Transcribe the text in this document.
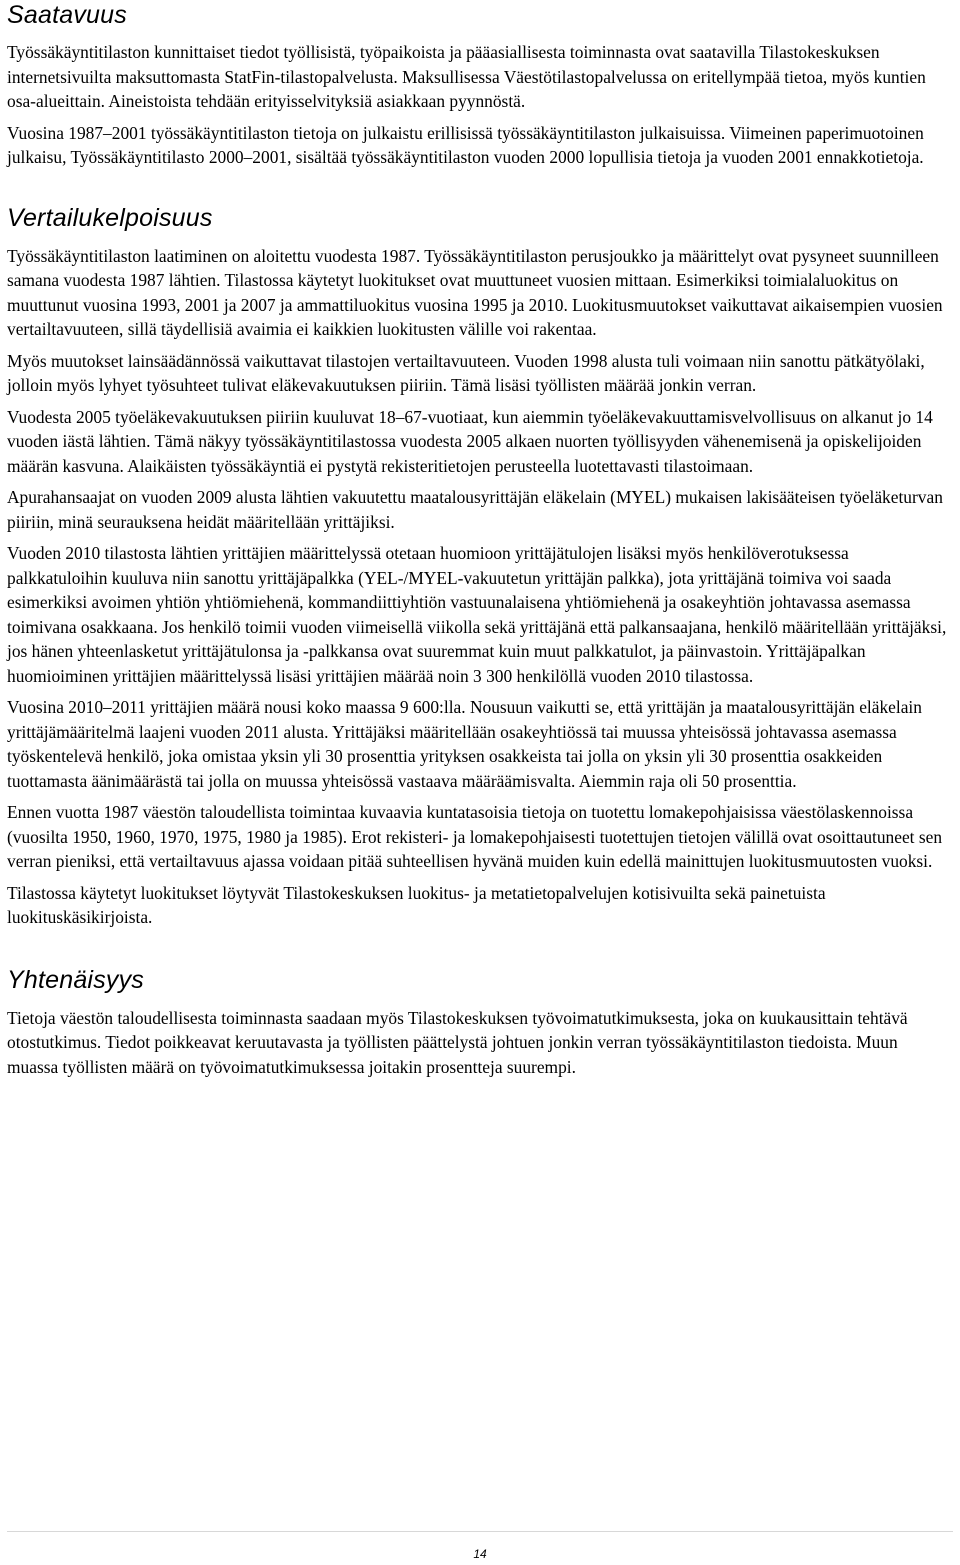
Saatavuus

Työssäkäyntitilaston kunnittaiset tiedot työllisistä, työpaikoista ja pääasiallisesta toiminnasta ovat saatavilla Tilastokeskuksen internetsivuilta maksuttomasta StatFin-tilastopalvelusta. Maksullisessa Väestötilastopalvelussa on eritellympää tietoa, myös kuntien osa-alueittain. Aineistoista tehdään erityisselvityksiä asiakkaan pyynnöstä.

Vuosina 1987–2001 työssäkäyntitilaston tietoja on julkaistu erillisissä työssäkäyntitilaston julkaisuissa. Viimeinen paperimuotoinen julkaisu, Työssäkäyntitilasto 2000–2001, sisältää työssäkäyntitilaston vuoden 2000 lopullisia tietoja ja vuoden 2001 ennakkotietoja.

Vertailukelpoisuus

Työssäkäyntitilaston laatiminen on aloitettu vuodesta 1987. Työssäkäyntitilaston perusjoukko ja määrittelyt ovat pysyneet suunnilleen samana vuodesta 1987 lähtien. Tilastossa käytetyt luokitukset ovat muuttuneet vuosien mittaan. Esimerkiksi toimialaluokitus on muuttunut vuosina 1993, 2001 ja 2007 ja ammattiluokitus vuosina 1995 ja 2010. Luokitusmuutokset vaikuttavat aikaisempien vuosien vertailtavuuteen, sillä täydellisiä avaimia ei kaikkien luokitusten välille voi rakentaa.

Myös muutokset lainsäädännössä vaikuttavat tilastojen vertailtavuuteen. Vuoden 1998 alusta tuli voimaan niin sanottu pätkätyölaki, jolloin myös lyhyet työsuhteet tulivat eläkevakuutuksen piiriin. Tämä lisäsi työllisten määrää jonkin verran.

Vuodesta 2005 työeläkevakuutuksen piiriin kuuluvat 18–67-vuotiaat, kun aiemmin työeläkevakuuttamisvelvollisuus on alkanut jo 14 vuoden iästä lähtien. Tämä näkyy työssäkäyntitilastossa vuodesta 2005 alkaen nuorten työllisyyden vähenemisenä ja opiskelijoiden määrän kasvuna. Alaikäisten työssäkäyntiä ei pystytä rekisteritietojen perusteella luotettavasti tilastoimaan.

Apurahansaajat on vuoden 2009 alusta lähtien vakuutettu maatalousyrittäjän eläkelain (MYEL) mukaisen lakisääteisen työeläketurvan piiriin, minä seurauksena heidät määritellään yrittäjiksi.

Vuoden 2010 tilastosta lähtien yrittäjien määrittelyssä otetaan huomioon yrittäjätulojen lisäksi myös henkilöverotuksessa palkkatuloihin kuuluva niin sanottu yrittäjäpalkka (YEL-/MYEL-vakuutetun yrittäjän palkka), jota yrittäjänä toimiva voi saada esimerkiksi avoimen yhtiön yhtiömiehenä, kommandiittiyhtiön vastuunalaisena yhtiömiehenä ja osakeyhtiön johtavassa asemassa toimivana osakkaana. Jos henkilö toimii vuoden viimeisellä viikolla sekä yrittäjänä että palkansaajana, henkilö määritellään yrittäjäksi, jos hänen yhteenlasketut yrittäjätulonsa ja -palkkansa ovat suuremmat kuin muut palkkatulot, ja päinvastoin. Yrittäjäpalkan huomioiminen yrittäjien määrittelyssä lisäsi yrittäjien määrää noin 3 300 henkilöllä vuoden 2010 tilastossa.

Vuosina 2010–2011 yrittäjien määrä nousi koko maassa 9 600:lla. Nousuun vaikutti se, että yrittäjän ja maatalousyrittäjän eläkelain yrittäjämääritelmä laajeni vuoden 2011 alusta. Yrittäjäksi määritellään osakeyhtiössä tai muussa yhteisössä johtavassa asemassa työskentelevä henkilö, joka omistaa yksin yli 30 prosenttia yrityksen osakkeista tai jolla on yksin yli 30 prosenttia osakkeiden tuottamasta äänimäärästä tai jolla on muussa yhteisössä vastaava määräämisvalta. Aiemmin raja oli 50 prosenttia.

Ennen vuotta 1987 väestön taloudellista toimintaa kuvaavia kuntatasoisia tietoja on tuotettu lomakepohjaisissa väestölaskennoissa (vuosilta 1950, 1960, 1970, 1975, 1980 ja 1985). Erot rekisteri- ja lomakepohjaisesti tuotettujen tietojen välillä ovat osoittautuneet sen verran pieniksi, että vertailtavuus ajassa voidaan pitää suhteellisen hyvänä muiden kuin edellä mainittujen luokitusmuutosten vuoksi.

Tilastossa käytetyt luokitukset löytyvät Tilastokeskuksen luokitus- ja metatietopalvelujen kotisivuilta sekä painetuista luokituskäsikirjoista.

Yhtenäisyys

Tietoja väestön taloudellisesta toiminnasta saadaan myös Tilastokeskuksen työvoimatutkimuksesta, joka on kuukausittain tehtävä otostutkimus. Tiedot poikkeavat keruutavasta ja työllisten päättelystä johtuen jonkin verran työssäkäyntitilaston tiedoista. Muun muassa työllisten määrä on työvoimatutkimuksessa joitakin prosentteja suurempi.

14
